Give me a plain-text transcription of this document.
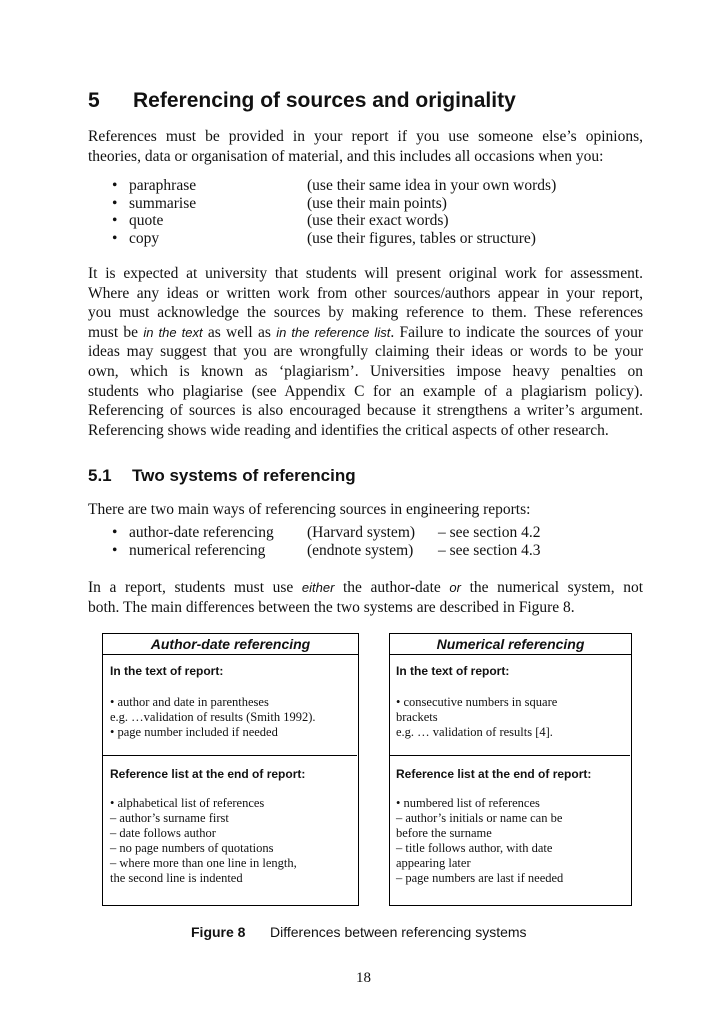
5 Referencing of sources and originality
References must be provided in your report if you use someone else’s opinions,
theories, data or organisation of material, and this includes all occasions when you:
• paraphrase	(use their same idea in your own words)
• summarise	(use their main points)
• quote	(use their exact words)
• copy	(use their figures, tables or structure)
It is expected at university that students will present original work for assessment.
Where any ideas or written work from other sources/authors appear in your report,
you must acknowledge the sources by making reference to them. These references
must be in the text as well as in the reference list. Failure to indicate the sources of your
ideas may suggest that you are wrongfully claiming their ideas or words to be your
own, which is known as ‘plagiarism’. Universities impose heavy penalties on
students who plagiarise (see Appendix C for an example of a plagiarism policy).
Referencing of sources is also encouraged because it strengthens a writer’s argument.
Referencing shows wide reading and identifies the critical aspects of other research.
5.1 Two systems of referencing
There are two main ways of referencing sources in engineering reports:
• author-date referencing (Harvard system) – see section 4.2
• numerical referencing	(endnote system) – see section 4.3
In a report, students must use either the author-date or the numerical system, not
both. The main differences between the two systems are described in Figure 8.
Author-date referencing
In the text of report:
• author and date in parentheses
e.g. …validation of results (Smith 1992).
• page number included if needed
Reference list at the end of report:
• alphabetical list of references
– author’s surname first
– date follows author
– no page numbers of quotations
– where more than one line in length,
the second line is indented
Numerical referencing
In the text of report:
• consecutive numbers in square
brackets
e.g. … validation of results [4].
Reference list at the end of report:
• numbered list of references
– author’s initials or name can be
before the surname
– title follows author, with date
appearing later
– page numbers are last if needed
Figure 8 Differences between referencing systems
18
